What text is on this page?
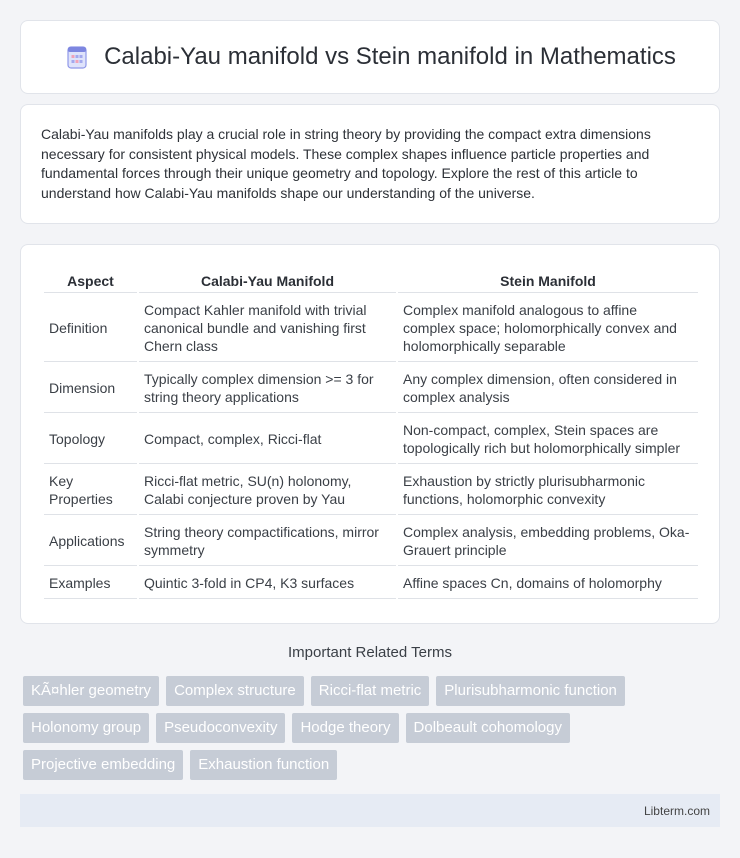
Calabi-Yau manifold vs Stein manifold in Mathematics

Calabi-Yau manifolds play a crucial role in string theory by providing the compact extra dimensions necessary for consistent physical models. These complex shapes influence particle properties and fundamental forces through their unique geometry and topology. Explore the rest of this article to understand how Calabi-Yau manifolds shape our understanding of the universe.

Aspect	Calabi-Yau Manifold	Stein Manifold
Definition	Compact Kahler manifold with trivial canonical bundle and vanishing first Chern class	Complex manifold analogous to affine complex space; holomorphically convex and holomorphically separable
Dimension	Typically complex dimension >= 3 for string theory applications	Any complex dimension, often considered in complex analysis
Topology	Compact, complex, Ricci-flat	Non-compact, complex, Stein spaces are topologically rich but holomorphically simpler
Key Properties	Ricci-flat metric, SU(n) holonomy, Calabi conjecture proven by Yau	Exhaustion by strictly plurisubharmonic functions, holomorphic convexity
Applications	String theory compactifications, mirror symmetry	Complex analysis, embedding problems, Oka-Grauert principle
Examples	Quintic 3-fold in CP4, K3 surfaces	Affine spaces Cn, domains of holomorphy
Important Related Terms
KÃ¤hler geometry	Complex structure	Ricci-flat metric	Plurisubharmonic function
Holonomy group	Pseudoconvexity	Hodge theory	Dolbeault cohomology
Projective embedding	Exhaustion function
Libterm.com
